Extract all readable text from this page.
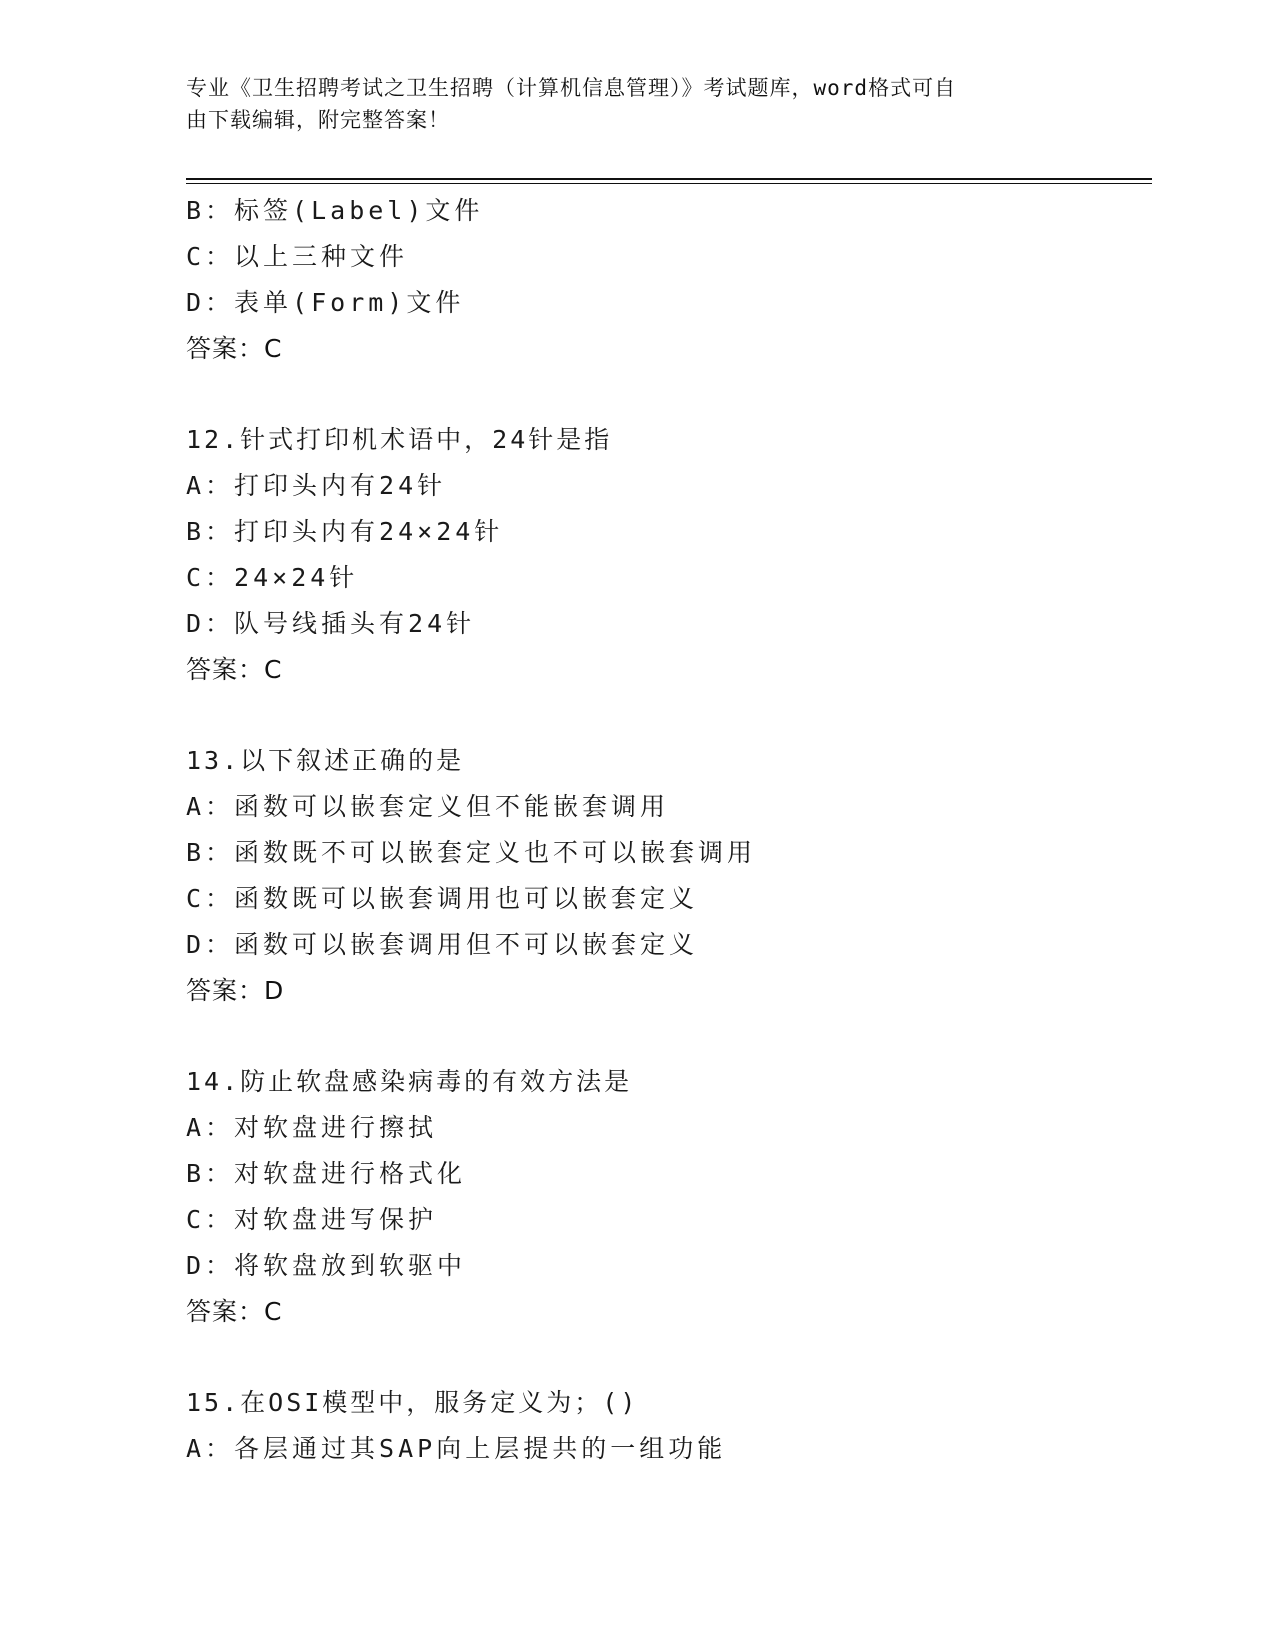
专业《卫生招聘考试之卫生招聘（计算机信息管理）》考试题库，word格式可自
由下载编辑，附完整答案！
B：标签(Label)文件
C：以上三种文件
D：表单(Form)文件
答案：C
12.针式打印机术语中，24针是指
A：打印头内有24针
B：打印头内有24×24针
C：24×24针
D：队号线插头有24针
答案：C
13.以下叙述正确的是
A：函数可以嵌套定义但不能嵌套调用
B：函数既不可以嵌套定义也不可以嵌套调用
C：函数既可以嵌套调用也可以嵌套定义
D：函数可以嵌套调用但不可以嵌套定义
答案：D
14.防止软盘感染病毒的有效方法是
A：对软盘进行擦拭
B：对软盘进行格式化
C：对软盘进写保护
D：将软盘放到软驱中
答案：C
15.在OSI模型中，服务定义为；()
A：各层通过其SAP向上层提共的一组功能
